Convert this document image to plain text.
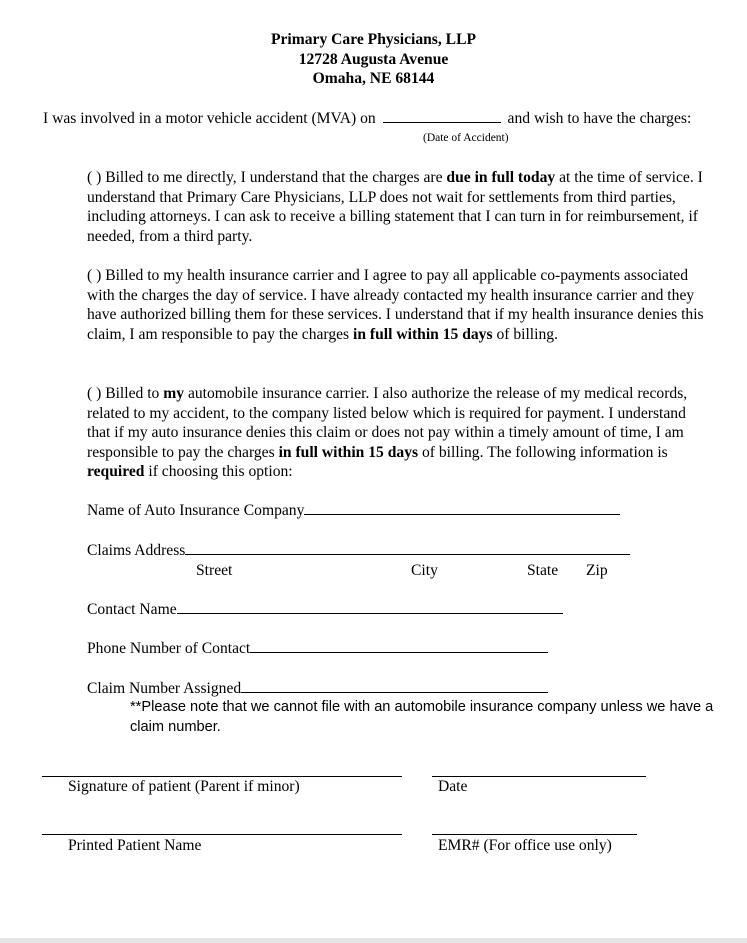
Primary Care Physicians, LLP
12728 Augusta Avenue
Omaha, NE 68144
I was involved in a motor vehicle accident (MVA) on	and wish to have the charges:
(Date of Accident)
( ) Billed to me directly, I understand that the charges are due in full today at the time of service. I understand that Primary Care Physicians, LLP does not wait for settlements from third parties, including attorneys. I can ask to receive a billing statement that I can turn in for reimbursement, if needed, from a third party.
( ) Billed to my health insurance carrier and I agree to pay all applicable co-payments associated with the charges the day of service. I have already contacted my health insurance carrier and they have authorized billing them for these services. I understand that if my health insurance denies this claim, I am responsible to pay the charges in full within 15 days of billing.
( ) Billed to my automobile insurance carrier. I also authorize the release of my medical records, related to my accident, to the company listed below which is required for payment. I understand that if my auto insurance denies this claim or does not pay within a timely amount of time, I am responsible to pay the charges in full within 15 days of billing. The following information is required if choosing this option:
Name of Auto Insurance Company
Claims Address
Street	City	State Zip
Contact Name
Phone Number of Contact
Claim Number Assigned
**Please note that we cannot file with an automobile insurance company unless we have a claim number.
Signature of patient (Parent if minor)	Date
Printed Patient Name	EMR# (For office use only)
